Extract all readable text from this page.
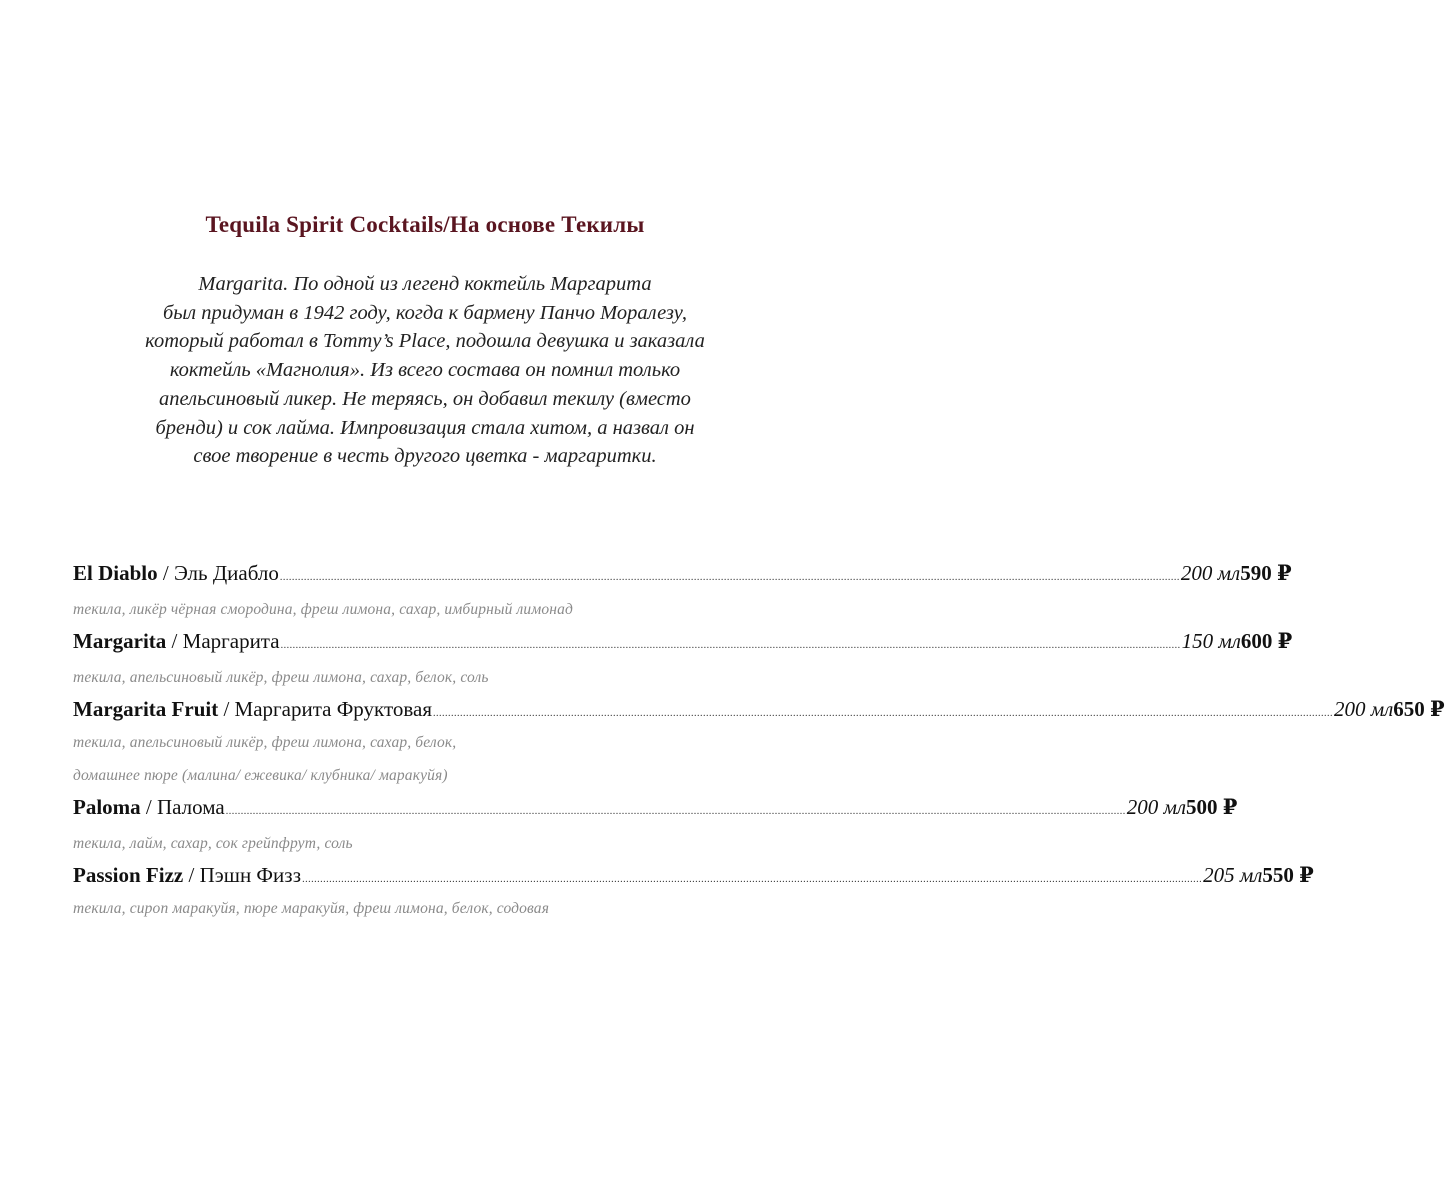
Tequila Spirit Cocktails/На основе Текилы
Margarita. По одной из легенд коктейль Маргарита
был придуман в 1942 году, когда к бармену Панчо Моралезу,
который работал в Tommy’s Place, подошла девушка и заказала
коктейль «Магнолия». Из всего состава он помнил только
апельсиновый ликер. Не теряясь, он добавил текилу (вместо
бренди) и сок лайма. Импровизация стала хитом, а назвал он
свое творение в честь другого цветка - маргаритки.
El Diablo / Эль Диабло ............................................................................................................................................................................................................................................................................................................ 200 мл 590 ₽
текила, ликёр чёрная смородина, фреш лимона, сахар, имбирный лимонад
Margarita / Маргарита ............................................................................................................................................................................................................................................................................................................ 150 мл 600 ₽
текила, апельсиновый ликёр, фреш лимона, сахар, белок, соль
Margarita Fruit / Маргарита Фруктовая ............................................................................................................................................................................................................................................................................................................ 200 мл 650 ₽
текила, апельсиновый ликёр, фреш лимона, сахар, белок,
домашнее пюре (малина/ ежевика/ клубника/ маракуйя)
Paloma / Палома ............................................................................................................................................................................................................................................................................................................ 200 мл 500 ₽
текила, лайм, сахар, сок грейпфрут, соль
Passion Fizz / Пэшн Физз ............................................................................................................................................................................................................................................................................................................ 205 мл 550 ₽
текила, сироп маракуйя, пюре маракуйя, фреш лимона, белок, содовая
